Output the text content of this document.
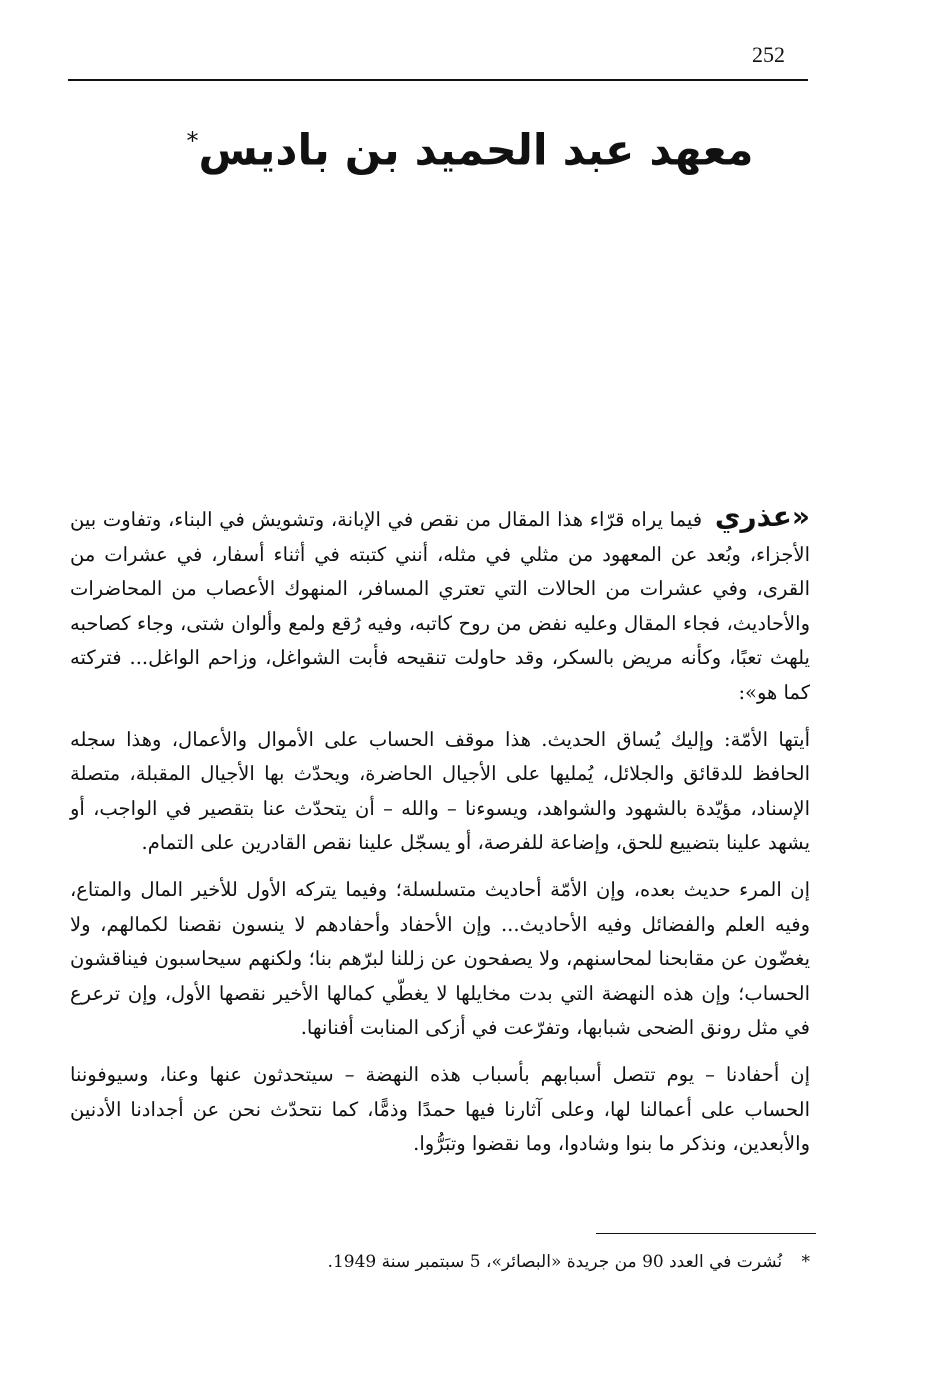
252
معهد عبد الحميد بن باديس*

«عذري فيما يراه قرّاء هذا المقال من نقص في الإبانة، وتشويش في البناء، وتفاوت بين الأجزاء، وبُعد عن المعهود من مثلي في مثله، أنني كتبته في أثناء أسفار، في عشرات من القرى، وفي عشرات من الحالات التي تعتري المسافر، المنهوك الأعصاب من المحاضرات والأحاديث، فجاء المقال وعليه نفض من روح كاتبه، وفيه رُقع ولمع وألوان شتى، وجاء كصاحبه يلهث تعبًا، وكأنه مريض بالسكر، وقد حاولت تنقيحه فأبت الشواغل، وزاحم الواغل... فتركته كما هو»:

أيتها الأمّة: وإليك يُساق الحديث. هذا موقف الحساب على الأموال والأعمال، وهذا سجله الحافظ للدقائق والجلائل، يُمليها على الأجيال الحاضرة، ويحدّث بها الأجيال المقبلة، متصلة الإسناد، مؤيّدة بالشهود والشواهد، ويسوءنا – والله – أن يتحدّث عنا بتقصير في الواجب، أو يشهد علينا بتضييع للحق، وإضاعة للفرصة، أو يسجّل علينا نقص القادرين على التمام.

إن المرء حديث بعده، وإن الأمّة أحاديث متسلسلة؛ وفيما يتركه الأول للأخير المال والمتاع، وفيه العلم والفضائل وفيه الأحاديث... وإن الأحفاد وأحفادهم لا ينسون نقصنا لكمالهم، ولا يغضّون عن مقابحنا لمحاسنهم، ولا يصفحون عن زللنا لبرّهم بنا؛ ولكنهم سيحاسبون فيناقشون الحساب؛ وإن هذه النهضة التي بدت مخايلها لا يغطّي كمالها الأخير نقصها الأول، وإن ترعرع في مثل رونق الضحى شبابها، وتفرّعت في أزكى المنابت أفنانها.

إن أحفادنا – يوم تتصل أسبابهم بأسباب هذه النهضة – سيتحدثون عنها وعنا، وسيوفوننا الحساب على أعمالنا لها، وعلى آثارنا فيها حمدًا وذمًّا، كما نتحدّث نحن عن أجدادنا الأدنين والأبعدين، ونذكر ما بنوا وشادوا، وما نقضوا وتبَرُّوا.

* نُشرت في العدد 90 من جريدة «البصائر»، 5 سبتمبر سنة 1949.
